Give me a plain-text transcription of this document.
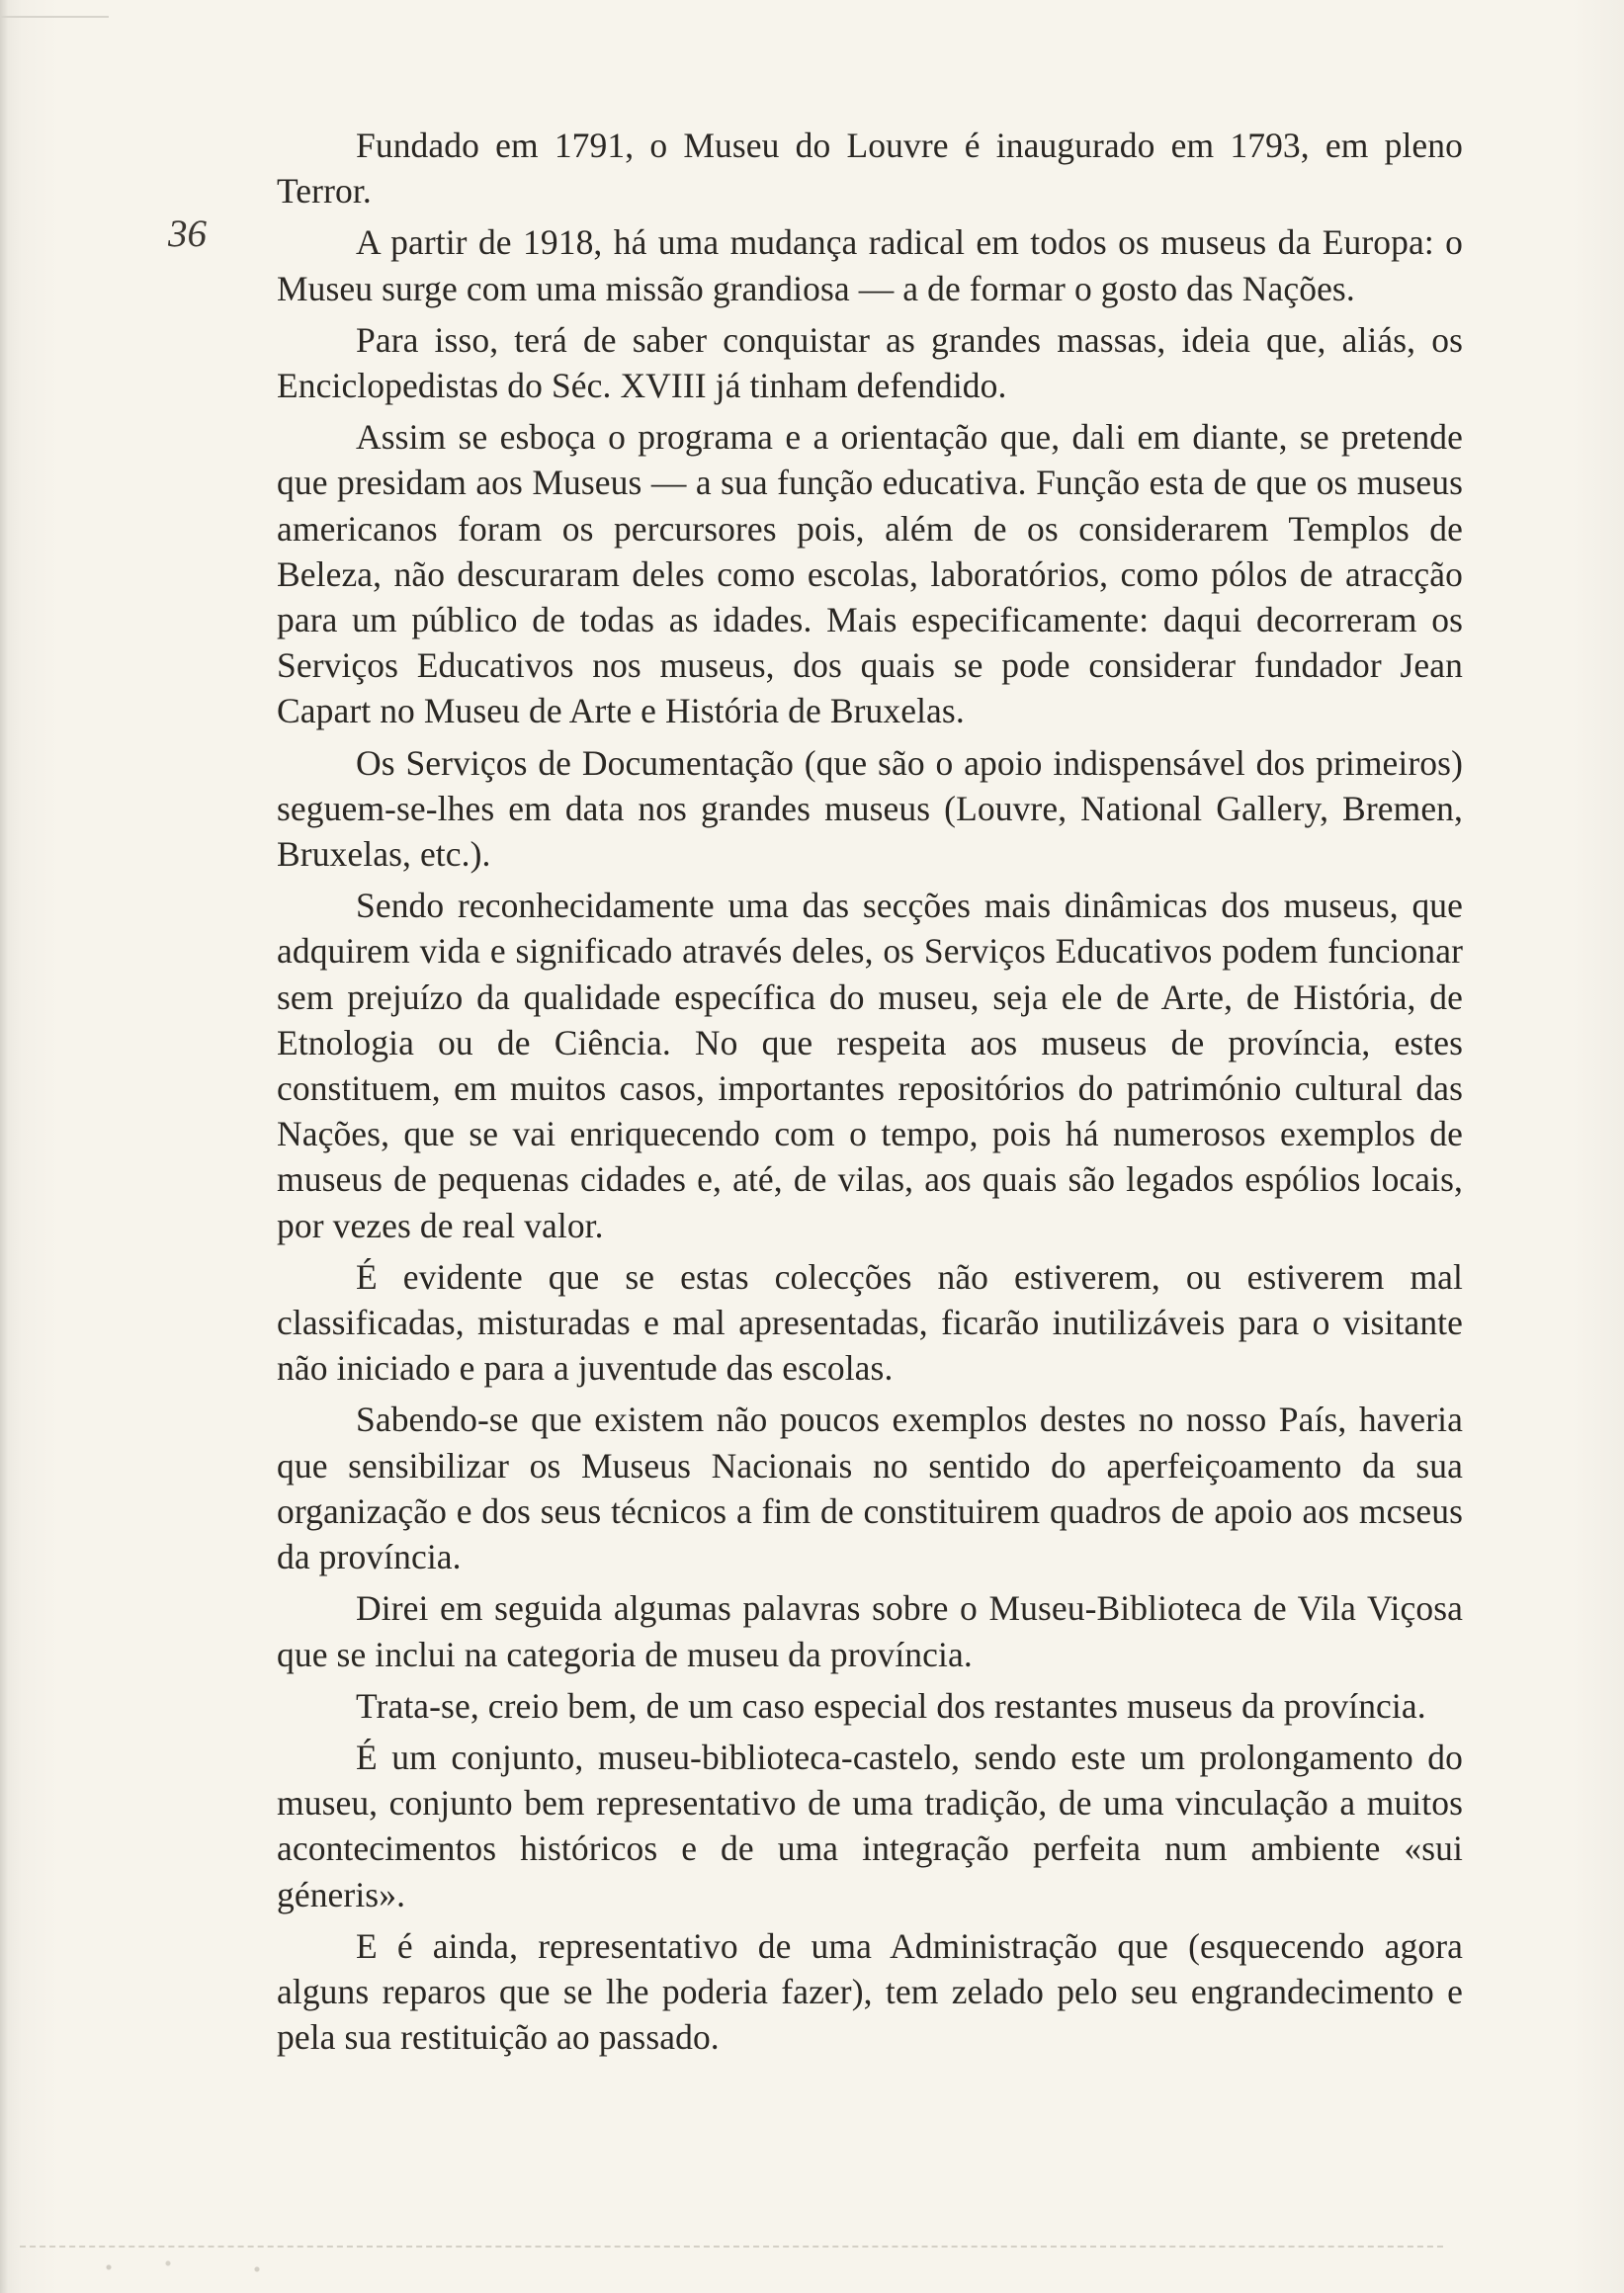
36

Fundado em 1791, o Museu do Louvre é inaugurado em 1793, em pleno Terror.

A partir de 1918, há uma mudança radical em todos os museus da Europa: o Museu surge com uma missão grandiosa — a de formar o gosto das Nações.

Para isso, terá de saber conquistar as grandes massas, ideia que, aliás, os Enciclopedistas do Séc. XVIII já tinham defendido.

Assim se esboça o programa e a orientação que, dali em diante, se pretende que presidam aos Museus — a sua função educativa. Função esta de que os museus americanos foram os percursores pois, além de os considerarem Templos de Beleza, não descuraram deles como escolas, laboratórios, como pólos de atracção para um público de todas as idades. Mais especificamente: daqui decorreram os Serviços Educativos nos museus, dos quais se pode considerar fundador Jean Capart no Museu de Arte e História de Bruxelas.

Os Serviços de Documentação (que são o apoio indispensável dos primeiros) seguem-se-lhes em data nos grandes museus (Louvre, National Gallery, Bremen, Bruxelas, etc.).

Sendo reconhecidamente uma das secções mais dinâmicas dos museus, que adquirem vida e significado através deles, os Serviços Educativos podem funcionar sem prejuízo da qualidade específica do museu, seja ele de Arte, de História, de Etnologia ou de Ciência. No que respeita aos museus de província, estes constituem, em muitos casos, importantes repositórios do património cultural das Nações, que se vai enriquecendo com o tempo, pois há numerosos exemplos de museus de pequenas cidades e, até, de vilas, aos quais são legados espólios locais, por vezes de real valor.

É evidente que se estas colecções não estiverem, ou estiverem mal classificadas, misturadas e mal apresentadas, ficarão inutilizáveis para o visitante não iniciado e para a juventude das escolas.

Sabendo-se que existem não poucos exemplos destes no nosso País, haveria que sensibilizar os Museus Nacionais no sentido do aperfeiçoamento da sua organização e dos seus técnicos a fim de constituirem quadros de apoio aos mcseus da província.

Direi em seguida algumas palavras sobre o Museu-Biblioteca de Vila Viçosa que se inclui na categoria de museu da província.

Trata-se, creio bem, de um caso especial dos restantes museus da província.

É um conjunto, museu-biblioteca-castelo, sendo este um prolongamento do museu, conjunto bem representativo de uma tradição, de uma vinculação a muitos acontecimentos históricos e de uma integração perfeita num ambiente «sui géneris».

E é ainda, representativo de uma Administração que (esquecendo agora alguns reparos que se lhe poderia fazer), tem zelado pelo seu engrandecimento e pela sua restituição ao passado.
